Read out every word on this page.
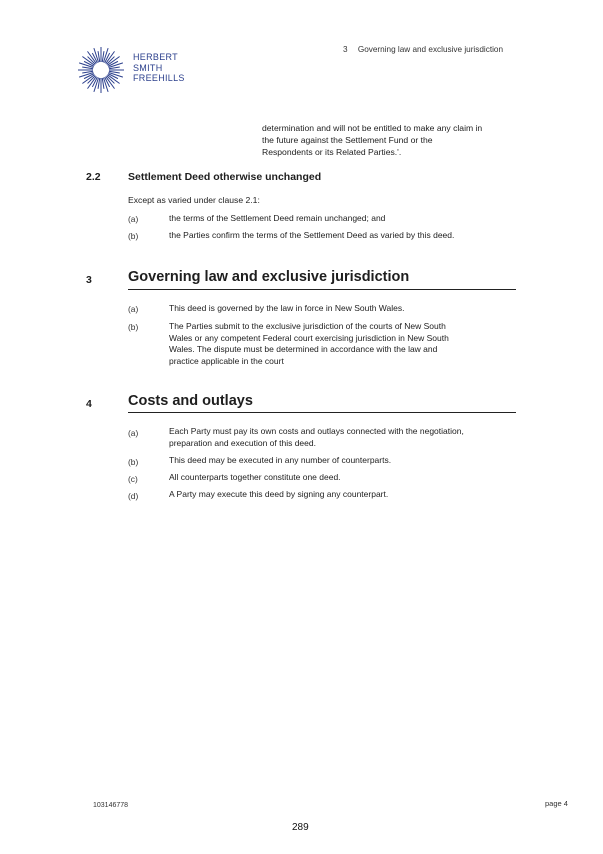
HERBERT
SMITH
FREEHILLS
3 Governing law and exclusive jurisdiction
determination and will not be entitled to make any claim in
the future against the Settlement Fund or the
Respondents or its Related Parties.'.
2.2	Settlement Deed otherwise unchanged
Except as varied under clause 2.1:
(a)	the terms of the Settlement Deed remain unchanged; and
(b)	the Parties confirm the terms of the Settlement Deed as varied by this deed.
3 Governing law and exclusive jurisdiction
(a)	This deed is governed by the law in force in New South Wales.
(b)	The Parties submit to the exclusive jurisdiction of the courts of New South
Wales or any competent Federal court exercising jurisdiction in New South
Wales. The dispute must be determined in accordance with the law and
practice applicable in the court
4 Costs and outlays
(a)	Each Party must pay its own costs and outlays connected with the negotiation,
preparation and execution of this deed.
(b)	This deed may be executed in any number of counterparts.
(c)	All counterparts together constitute one deed.
(d)	A Party may execute this deed by signing any counterpart.
103146778	page 4
289
